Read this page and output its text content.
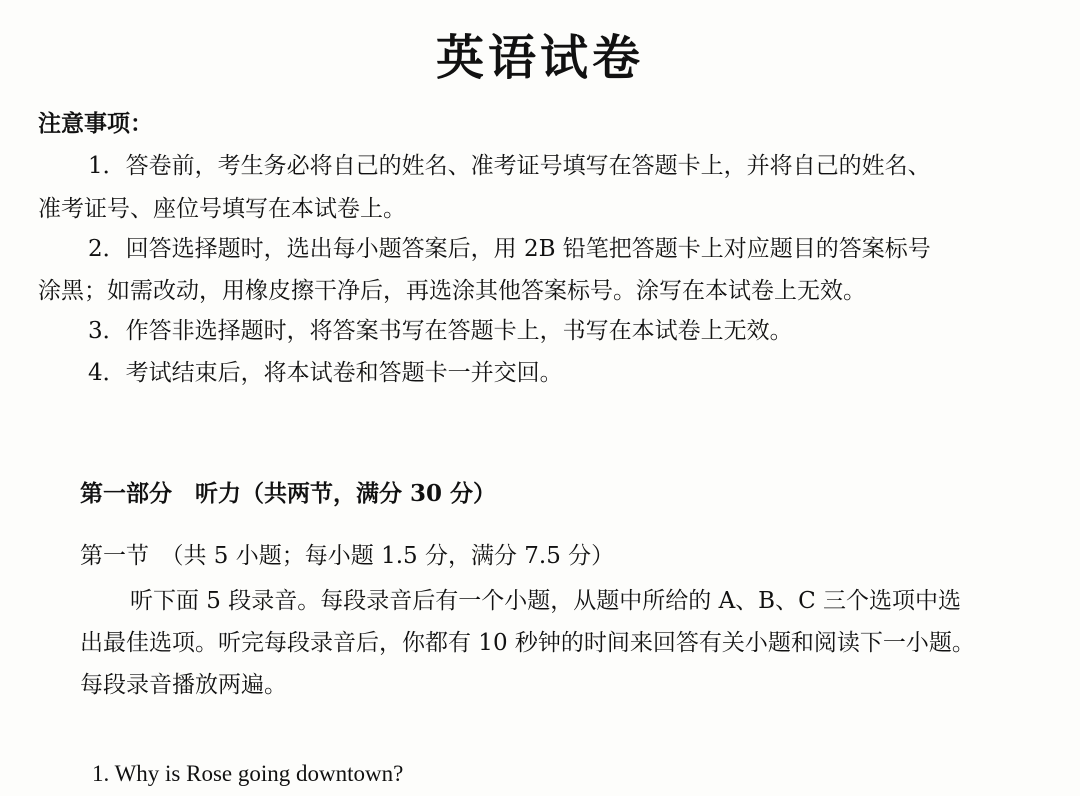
英语试卷
注意事项：
1．答卷前，考生务必将自己的姓名、准考证号填写在答题卡上，并将自己的姓名、
准考证号、座位号填写在本试卷上。
2．回答选择题时，选出每小题答案后，用 2B 铅笔把答题卡上对应题目的答案标号
涂黑；如需改动，用橡皮擦干净后，再选涂其他答案标号。涂写在本试卷上无效。
3．作答非选择题时，将答案书写在答题卡上，书写在本试卷上无效。
4．考试结束后，将本试卷和答题卡一并交回。
第一部分　听力（共两节，满分 30 分）
第一节　（共 5 小题；每小题 1.5 分，满分 7.5 分）
听下面 5 段录音。每段录音后有一个小题，从题中所给的 A、B、C 三个选项中选
出最佳选项。听完每段录音后，你都有 10 秒钟的时间来回答有关小题和阅读下一小题。
每段录音播放两遍。
1. Why is Rose going downtown?
